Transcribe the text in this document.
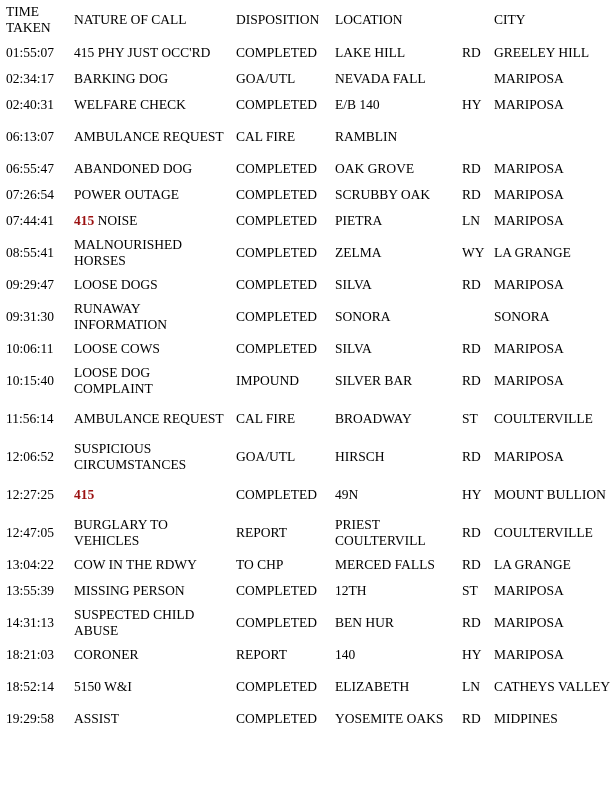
TIME TAKEN	NATURE OF CALL	DISPOSITION	LOCATION		CITY
01:55:07	415 PHY JUST OCC'RD	COMPLETED	LAKE HILL	RD	GREELEY HILL
02:34:17	BARKING DOG	GOA/UTL	NEVADA FALL		MARIPOSA
02:40:31	WELFARE CHECK	COMPLETED	E/B 140	HY	MARIPOSA
06:13:07	AMBULANCE REQUEST	CAL FIRE	RAMBLIN		
06:55:47	ABANDONED DOG	COMPLETED	OAK GROVE	RD	MARIPOSA
07:26:54	POWER OUTAGE	COMPLETED	SCRUBBY OAK	RD	MARIPOSA
07:44:41	415 NOISE	COMPLETED	PIETRA	LN	MARIPOSA
08:55:41	MALNOURISHED HORSES	COMPLETED	ZELMA	WY	LA GRANGE
09:29:47	LOOSE DOGS	COMPLETED	SILVA	RD	MARIPOSA
09:31:30	RUNAWAY INFORMATION	COMPLETED	SONORA		SONORA
10:06:11	LOOSE COWS	COMPLETED	SILVA	RD	MARIPOSA
10:15:40	LOOSE DOG COMPLAINT	IMPOUND	SILVER BAR	RD	MARIPOSA
11:56:14	AMBULANCE REQUEST	CAL FIRE	BROADWAY	ST	COULTERVILLE
12:06:52	SUSPICIOUS CIRCUMSTANCES	GOA/UTL	HIRSCH	RD	MARIPOSA
12:27:25	415	COMPLETED	49N	HY	MOUNT BULLION
12:47:05	BURGLARY TO VEHICLES	REPORT	PRIEST COULTERVILL	RD	COULTERVILLE
13:04:22	COW IN THE RDWY	TO CHP	MERCED FALLS	RD	LA GRANGE
13:55:39	MISSING PERSON	COMPLETED	12TH	ST	MARIPOSA
14:31:13	SUSPECTED CHILD ABUSE	COMPLETED	BEN HUR	RD	MARIPOSA
18:21:03	CORONER	REPORT	140	HY	MARIPOSA
18:52:14	5150 W&I	COMPLETED	ELIZABETH	LN	CATHEYS VALLEY
19:29:58	ASSIST	COMPLETED	YOSEMITE OAKS	RD	MIDPINES
